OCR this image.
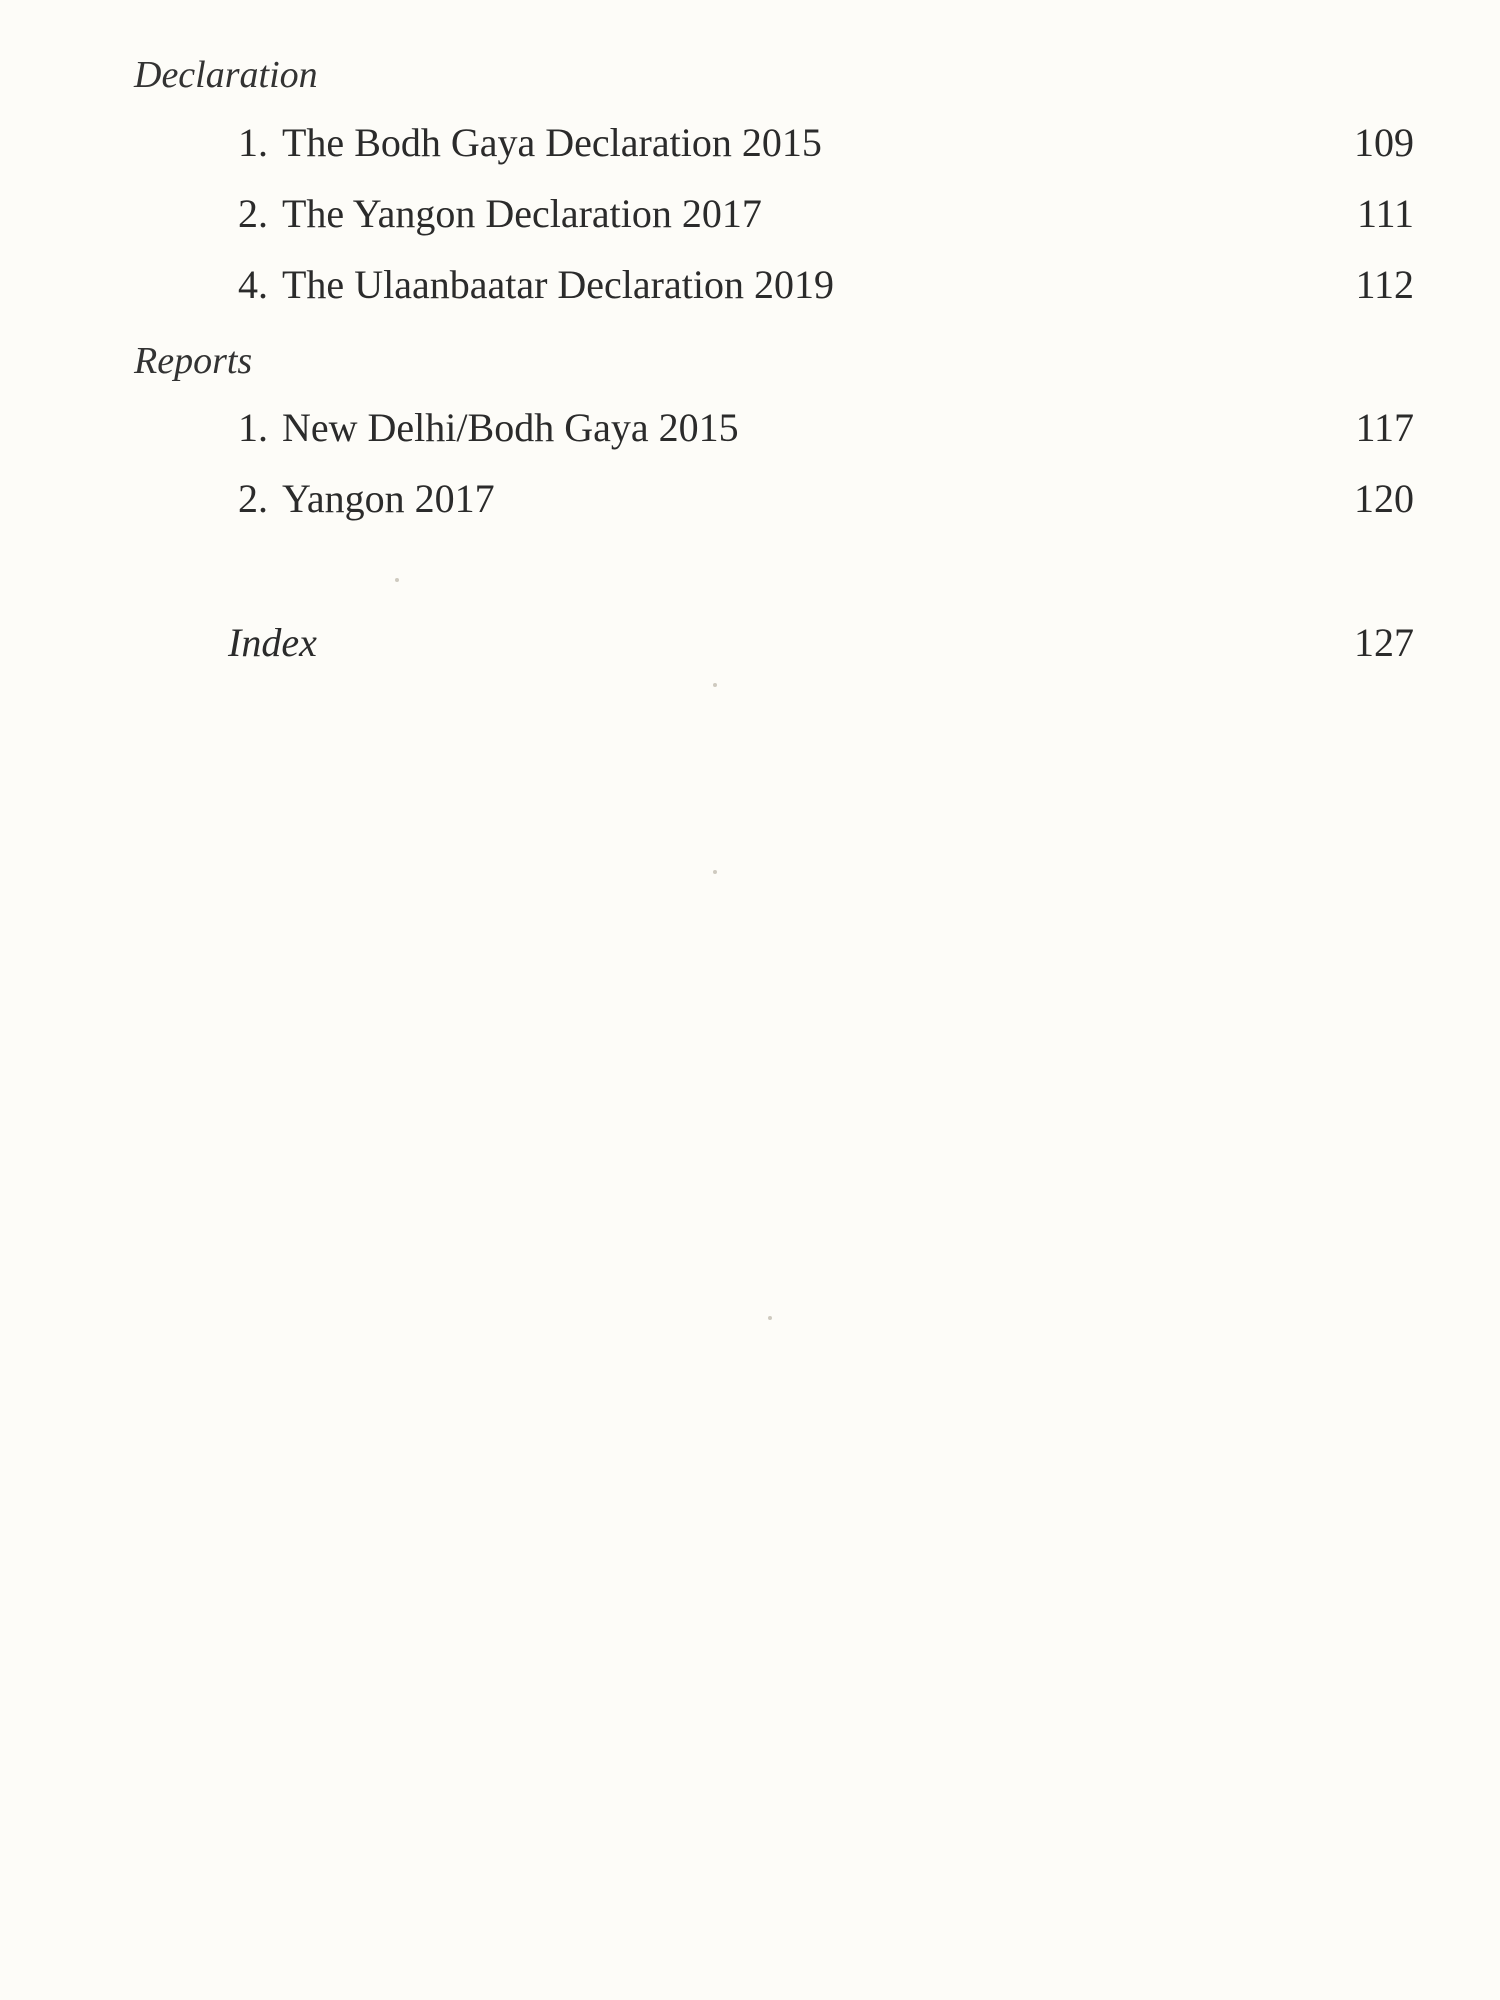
Declaration
1. The Bodh Gaya Declaration 2015	109
2. The Yangon Declaration 2017	111
4. The Ulaanbaatar Declaration 2019	112
Reports
1. New Delhi/Bodh Gaya 2015	117
2. Yangon 2017	120
Index	127
